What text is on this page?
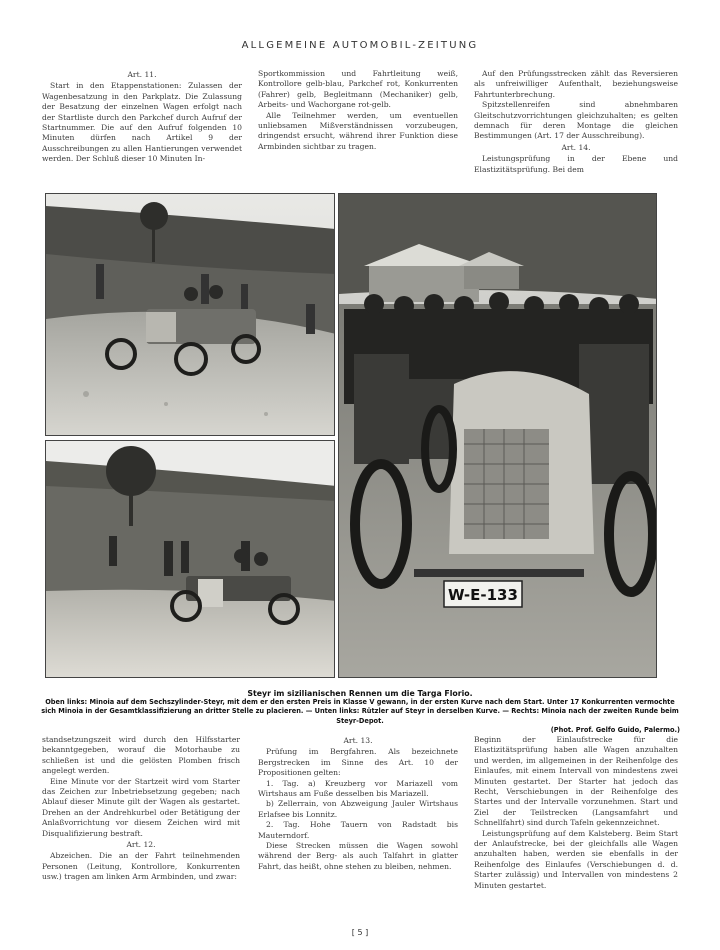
ALLGEMEINE AUTOMOBIL-ZEITUNG

Art. 11.

Start in den Etappenstationen: Zulassen der Wagenbesatzung in den Parkplatz. Die Zulassung der Besatzung der einzelnen Wagen erfolgt nach der Startliste durch den Parkchef durch Aufruf der Startnummer. Die auf den Aufruf folgenden 10 Minuten dürfen nach Artikel 9 der Ausschreibungen zu allen Hantierungen verwendet werden. Der Schluß dieser 10 Minuten In-

Sportkommission und Fahrtleitung weiß, Kontrollore gelb-blau, Parkchef rot, Konkurrenten (Fahrer) gelb, Begleitmann (Mechaniker) gelb, Arbeits- und Wachorgane rot-gelb.

Alle Teilnehmer werden, um eventuellen unliebsamen Mißverständnissen vorzubeugen, dringendst ersucht, während ihrer Funktion diese Armbinden sichtbar zu tragen.

Auf den Prüfungsstrecken zählt das Reversieren als unfreiwilliger Aufenthalt, beziehungsweise Fahrtunterbrechung.

Spitzstellenreifen sind abnehmbaren Gleitschutzvorrichtungen gleichzuhalten; es gelten demnach für deren Montage die gleichen Bestimmungen (Art. 17 der Ausschreibung).

Art. 14.

Leistungsprüfung in der Ebene und Elastizitätsprüfung. Bei dem

W-E-133
Steyr im sizilianischen Rennen um die Targa Florio.
Oben links: Minoia auf dem Sechszylinder-Steyr, mit dem er den ersten Preis in Klasse V gewann, in der ersten Kurve nach dem Start. Unter 17 Konkurrenten vermochte sich Minoia in der Gesamtklassifizierung an dritter Stelle zu placieren. — Unten links: Rützler auf Steyr in derselben Kurve. — Rechts: Minoia nach der zweiten Runde beim Steyr-Depot.
(Phot. Prof. Gelfo Guido, Palermo.)

standsetzungszeit wird durch den Hilfsstarter bekanntgegeben, worauf die Motorhaube zu schließen ist und die gelösten Plomben frisch angelegt werden.

Eine Minute vor der Startzeit wird vom Starter das Zeichen zur Inbetriebsetzung gegeben; nach Ablauf dieser Minute gilt der Wagen als gestartet. Drehen an der Andrehkurbel oder Betätigung der Anlaßvorrichtung vor diesem Zeichen wird mit Disqualifizierung bestraft.

Art. 12.

Abzeichen. Die an der Fahrt teilnehmenden Personen (Leitung, Kontrollore, Konkurrenten usw.) tragen am linken Arm Armbinden, und zwar:

Art. 13.

Prüfung im Bergfahren. Als bezeichnete Bergstrecken im Sinne des Art. 10 der Propositionen gelten:

1. Tag. a) Kreuzberg vor Mariazell vom Wirtshaus am Fuße desselben bis Mariazell.

b) Zellerrain, von Abzweigung Jauler Wirtshaus Erlafsee bis Lonnitz.

2. Tag. Hohe Tauern von Radstadt bis Mauterndorf.

Diese Strecken müssen die Wagen sowohl während der Berg- als auch Talfahrt in glatter Fahrt, das heißt, ohne stehen zu bleiben, nehmen.

Beginn der Einlaufstrecke für die Elastizitätsprüfung haben alle Wagen anzuhalten und werden, im allgemeinen in der Reihenfolge des Einlaufes, mit einem Intervall von mindestens zwei Minuten gestartet. Der Starter hat jedoch das Recht, Verschiebungen in der Reihenfolge des Startes und der Intervalle vorzunehmen. Start und Ziel der Teilstrecken (Langsamfahrt und Schnellfahrt) sind durch Tafeln gekennzeichnet.

Leistungsprüfung auf dem Kalsteberg. Beim Start der Anlaufstrecke, bei der gleichfalls alle Wagen anzuhalten haben, werden sie ebenfalls in der Reihenfolge des Einlaufes (Verschiebungen d. d. Starter zulässig) und Intervallen von mindestens 2 Minuten gestartet.

[ 5 ]
